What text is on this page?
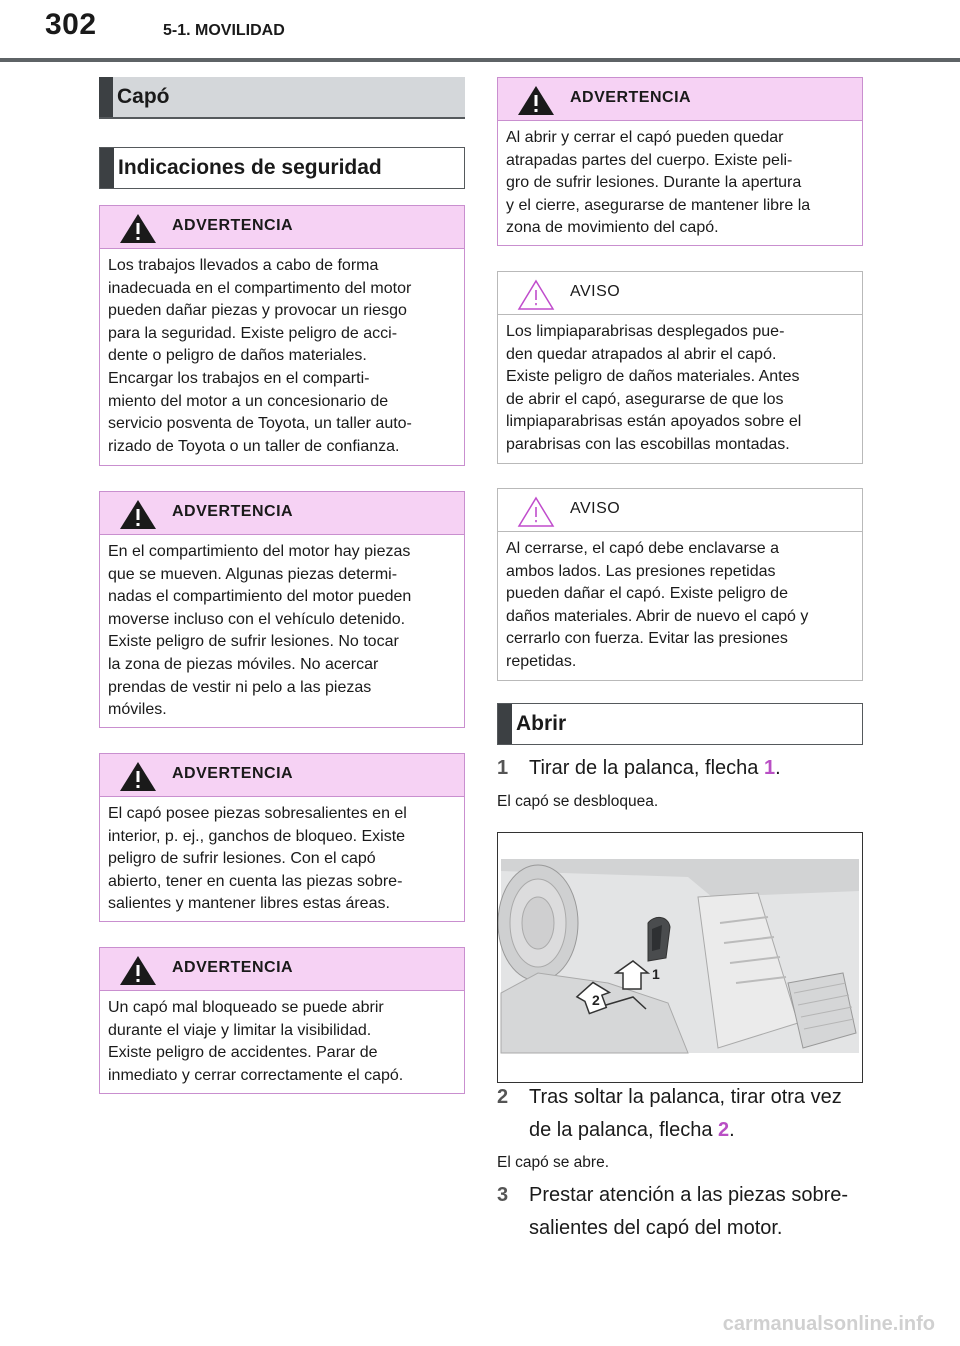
302	5-1. MOVILIDAD
Capó
Indicaciones de seguridad
ADVERTENCIA
Los trabajos llevados a cabo de forma
inadecuada en el compartimento del motor
pueden dañar piezas y provocar un riesgo
para la seguridad. Existe peligro de acci-
dente o peligro de daños materiales.
Encargar los trabajos en el comparti-
miento del motor a un concesionario de
servicio posventa de Toyota, un taller auto-
rizado de Toyota o un taller de confianza.
ADVERTENCIA
En el compartimiento del motor hay piezas
que se mueven. Algunas piezas determi-
nadas el compartimiento del motor pueden
moverse incluso con el vehículo detenido.
Existe peligro de sufrir lesiones. No tocar
la zona de piezas móviles. No acercar
prendas de vestir ni pelo a las piezas
móviles.
ADVERTENCIA
El capó posee piezas sobresalientes en el
interior, p. ej., ganchos de bloqueo. Existe
peligro de sufrir lesiones. Con el capó
abierto, tener en cuenta las piezas sobre-
salientes y mantener libres estas áreas.
ADVERTENCIA
Un capó mal bloqueado se puede abrir
durante el viaje y limitar la visibilidad.
Existe peligro de accidentes. Parar de
inmediato y cerrar correctamente el capó.
ADVERTENCIA
Al abrir y cerrar el capó pueden quedar
atrapadas partes del cuerpo. Existe peli-
gro de sufrir lesiones. Durante la apertura
y el cierre, asegurarse de mantener libre la
zona de movimiento del capó.
AVISO
Los limpiaparabrisas desplegados pue-
den quedar atrapados al abrir el capó.
Existe peligro de daños materiales. Antes
de abrir el capó, asegurarse de que los
limpiaparabrisas están apoyados sobre el
parabrisas con las escobillas montadas.
AVISO
Al cerrarse, el capó debe enclavarse a
ambos lados. Las presiones repetidas
pueden dañar el capó. Existe peligro de
daños materiales. Abrir de nuevo el capó y
cerrarlo con fuerza. Evitar las presiones
repetidas.
Abrir
1 Tirar de la palanca, flecha 1.
El capó se desbloquea.
1
2
2 Tras soltar la palanca, tirar otra vez
de la palanca, flecha 2.
El capó se abre.
3 Prestar atención a las piezas sobre-
salientes del capó del motor.
carmanualsonline.info
